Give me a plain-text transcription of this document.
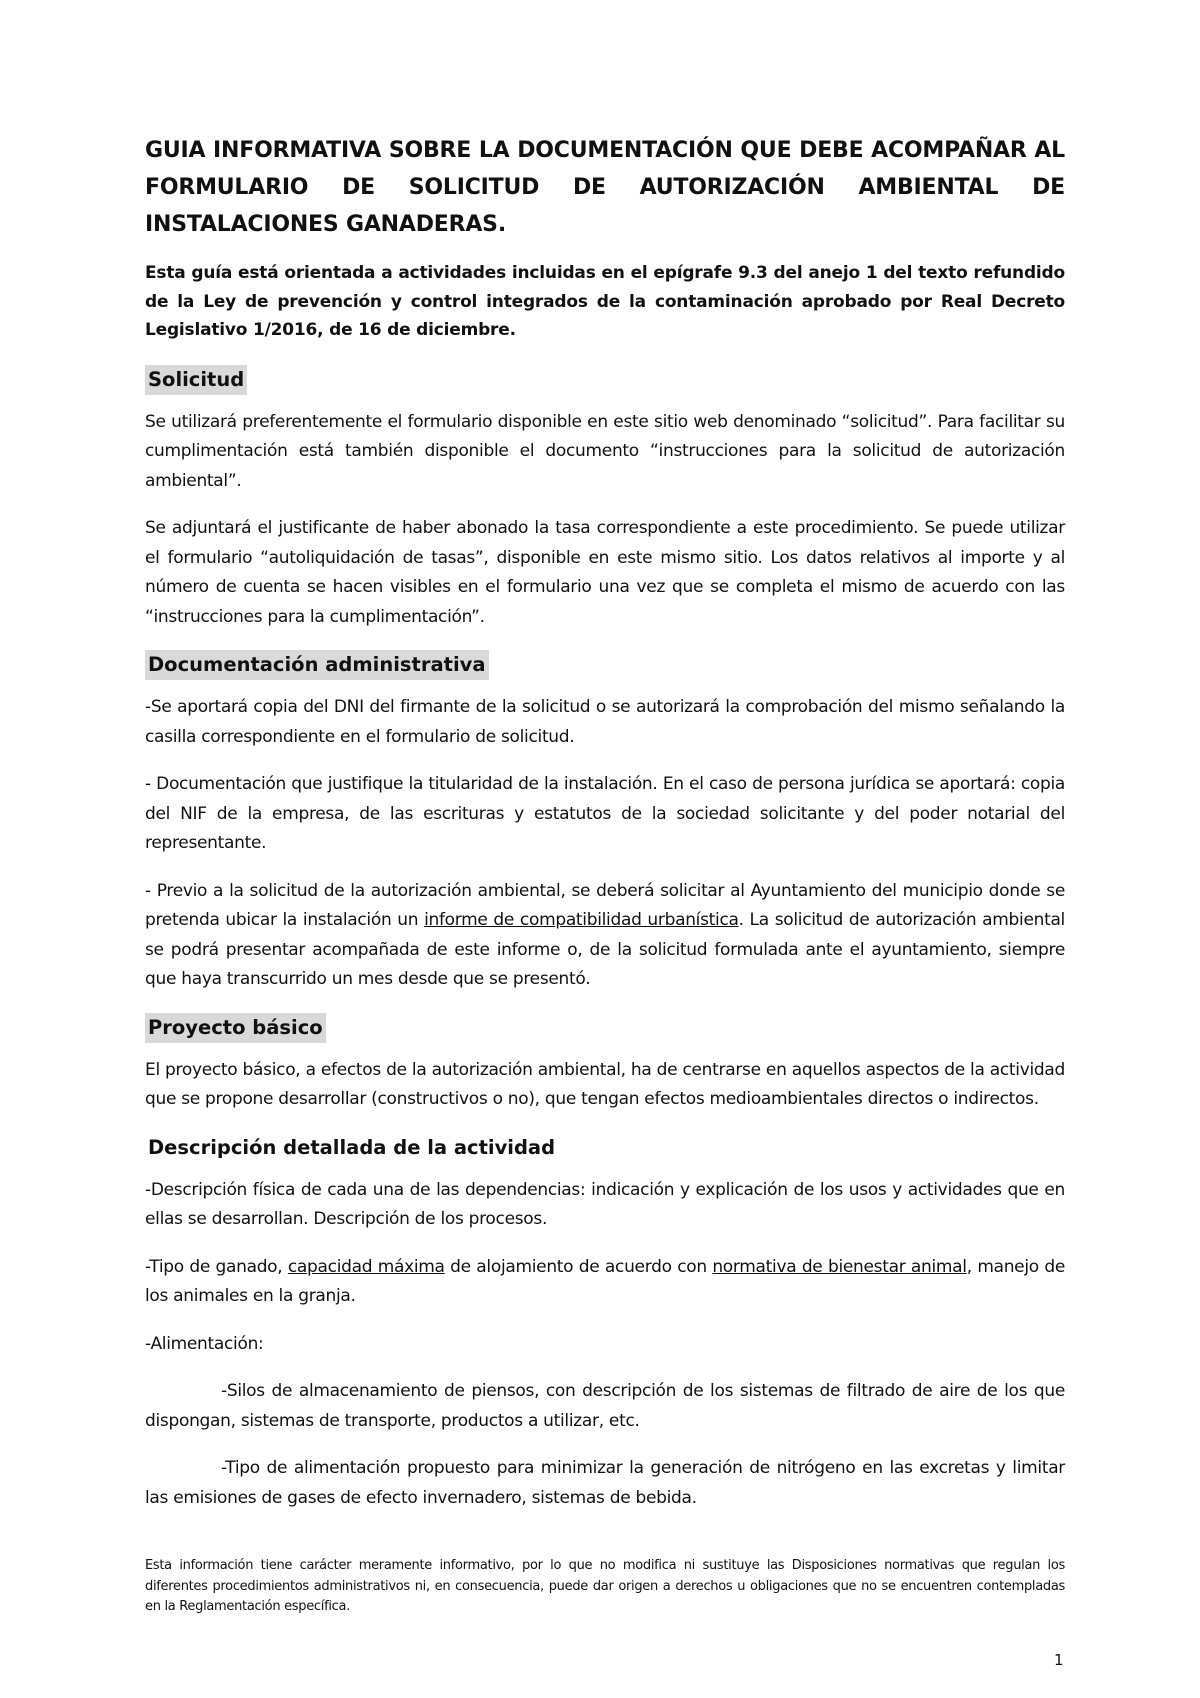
GUIA INFORMATIVA SOBRE LA DOCUMENTACIÓN QUE DEBE ACOMPAÑAR AL FORMULARIO DE SOLICITUD DE AUTORIZACIÓN AMBIENTAL DE INSTALACIONES GANADERAS.

Esta guía está orientada a actividades incluidas en el epígrafe 9.3 del anejo 1 del texto refundido de la Ley de prevención y control integrados de la contaminación aprobado por Real Decreto Legislativo 1/2016, de 16 de diciembre.

Solicitud

Se utilizará preferentemente el formulario disponible en este sitio web denominado “solicitud”. Para facilitar su cumplimentación está también disponible el documento “instrucciones para la solicitud de autorización ambiental”.

Se adjuntará el justificante de haber abonado la tasa correspondiente a este procedimiento. Se puede utilizar el formulario “autoliquidación de tasas”, disponible en este mismo sitio. Los datos relativos al importe y al número de cuenta se hacen visibles en el formulario una vez que se completa el mismo de acuerdo con las “instrucciones para la cumplimentación”.

Documentación administrativa

-Se aportará copia del DNI del firmante de la solicitud o se autorizará la comprobación del mismo señalando la casilla correspondiente en el formulario de solicitud.

- Documentación que justifique la titularidad de la instalación. En el caso de persona jurídica se aportará: copia del NIF de la empresa, de las escrituras y estatutos de la sociedad solicitante y del poder notarial del representante.

- Previo a la solicitud de la autorización ambiental, se deberá solicitar al Ayuntamiento del municipio donde se pretenda ubicar la instalación un informe de compatibilidad urbanística. La solicitud de autorización ambiental se podrá presentar acompañada de este informe o, de la solicitud formulada ante el ayuntamiento, siempre que haya transcurrido un mes desde que se presentó.

Proyecto básico

El proyecto básico, a efectos de la autorización ambiental, ha de centrarse en aquellos aspectos de la actividad que se propone desarrollar (constructivos o no), que tengan efectos medioambientales directos o indirectos.

Descripción detallada de la actividad

-Descripción física de cada una de las dependencias: indicación y explicación de los usos y actividades que en ellas se desarrollan. Descripción de los procesos.

-Tipo de ganado, capacidad máxima de alojamiento de acuerdo con normativa de bienestar animal, manejo de los animales en la granja.

-Alimentación:

-Silos de almacenamiento de piensos, con descripción de los sistemas de filtrado de aire de los que dispongan, sistemas de transporte, productos a utilizar, etc.

-Tipo de alimentación propuesto para minimizar la generación de nitrógeno en las excretas y limitar las emisiones de gases de efecto invernadero, sistemas de bebida.

Esta información tiene carácter meramente informativo, por lo que no modifica ni sustituye las Disposiciones normativas que regulan los diferentes procedimientos administrativos ni, en consecuencia, puede dar origen a derechos u obligaciones que no se encuentren contempladas en la Reglamentación específica.

1
